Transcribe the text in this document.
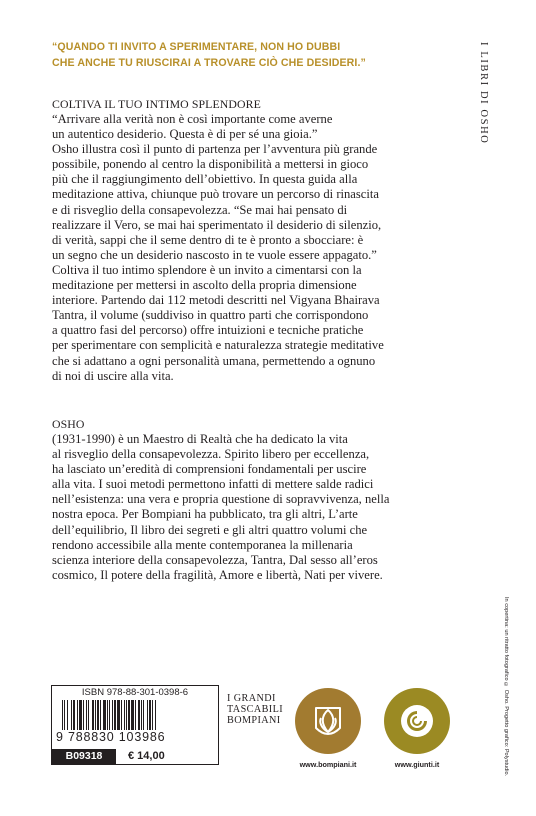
“QUANDO TI INVITO A SPERIMENTARE, NON HO DUBBI
CHE ANCHE TU RIUSCIRAI A TROVARE CIÒ CHE DESIDERI.”	I LIBRI DI OSHO
COLTIVA IL TUO INTIMO SPLENDORE
“Arrivare alla verità non è così importante come averne
un autentico desiderio. Questa è di per sé una gioia.”
Osho illustra così il punto di partenza per l’avventura più grande
possibile, ponendo al centro la disponibilità a mettersi in gioco
più che il raggiungimento dell’obiettivo. In questa guida alla
meditazione attiva, chiunque può trovare un percorso di rinascita
e di risveglio della consapevolezza. “Se mai hai pensato di
realizzare il Vero, se mai hai sperimentato il desiderio di silenzio,
di verità, sappi che il seme dentro di te è pronto a sbocciare: è
un segno che un desiderio nascosto in te vuole essere appagato.”
Coltiva il tuo intimo splendore è un invito a cimentarsi con la
meditazione per mettersi in ascolto della propria dimensione
interiore. Partendo dai 112 metodi descritti nel Vigyana Bhairava
Tantra, il volume (suddiviso in quattro parti che corrispondono
a quattro fasi del percorso) offre intuizioni e tecniche pratiche
per sperimentare con semplicità e naturalezza strategie meditative
che si adattano a ogni personalità umana, permettendo a ognuno
di noi di uscire alla vita.
OSHO
(1931-1990) è un Maestro di Realtà che ha dedicato la vita
al risveglio della consapevolezza. Spirito libero per eccellenza,
ha lasciato un’eredità di comprensioni fondamentali per uscire
alla vita. I suoi metodi permettono infatti di mettere salde radici
nell’esistenza: una vera e propria questione di sopravvivenza, nella
nostra epoca. Per Bompiani ha pubblicato, tra gli altri, L’arte
dell’equilibrio, Il libro dei segreti e gli altri quattro volumi che
rendono accessibile alla mente contemporanea la millenaria
scienza interiore della consapevolezza, Tantra, Dal sesso all’eros
cosmico, Il potere della fragilità, Amore e libertà, Nati per vivere.
In copertina: un ritratto fotografico © Osho. Progetto grafico: Polystudio.
ISBN 978-88-301-0398-6
9 788830 103986
B09318	€ 14,00
I GRANDI
TASCABILI
BOMPIANI
www.bompiani.it	www.giunti.it
